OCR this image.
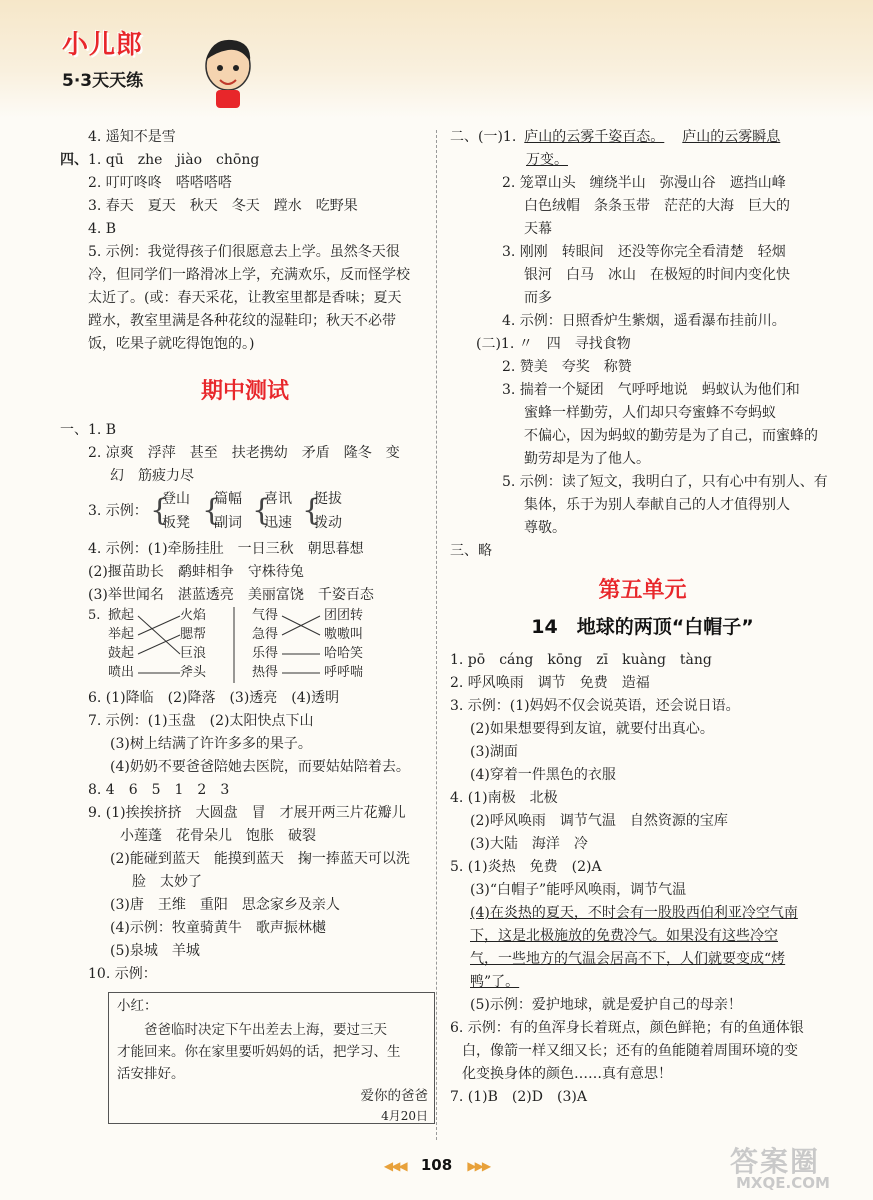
小儿郎
5·3天天练
4. 遥知不是雪
四、1. qū　zhe　jiào　chōng
2. 叮叮咚咚　嗒嗒嗒嗒
3. 春天　夏天　秋天　冬天　蹚水　吃野果
4. B
5. 示例：我觉得孩子们很愿意去上学。虽然冬天很
冷，但同学们一路滑冰上学，充满欢乐，反而怪学校
太近了。(或：春天采花，让教室里都是香味；夏天
蹚水，教室里满是各种花纹的湿鞋印；秋天不必带
饭，吃果子就吃得饱饱的。)
期中测试
一、1. B
2. 凉爽　浮萍　甚至　扶老携幼　矛盾　隆冬　变
幻　筋疲力尽
3. 示例： {
登山
板凳 {
篇幅
副词 {
喜讯
迅速 {
挺拔
拨动
4. 示例：(1)牵肠挂肚　一日三秋　朝思暮想
(2)揠苗助长　鹬蚌相争　守株待兔
(3)举世闻名　湛蓝透亮　美丽富饶　千姿百态
5. 掀起
举起
鼓起
喷出
火焰
腮帮
巨浪
斧头
气得
急得
乐得
热得
团团转
嗷嗷叫
哈哈笑
呼呼喘
6. (1)降临　(2)降落　(3)透亮　(4)透明
7. 示例：(1)玉盘　(2)太阳快点下山
(3)树上结满了许许多多的果子。
(4)奶奶不要爸爸陪她去医院，而要姑姑陪着去。
8. 4　6　5　1　2　3
9. (1)挨挨挤挤　大圆盘　冒　才展开两三片花瓣儿
小莲蓬　花骨朵儿　饱胀　破裂
(2)能碰到蓝天　能摸到蓝天　掬一捧蓝天可以洗
脸　太妙了
(3)唐　王维　重阳　思念家乡及亲人
(4)示例：牧童骑黄牛　歌声振林樾
(5)泉城　羊城
10. 示例：
小红：
　　爸爸临时决定下午出差去上海，要过三天
才能回来。你在家里要听妈妈的话，把学习、生
活安排好。
爱你的爸爸
4月20日
二、(一)1. 庐山的云雾千姿百态。 庐山的云雾瞬息
万变。
2. 笼罩山头　缠绕半山　弥漫山谷　遮挡山峰
白色绒帽　条条玉带　茫茫的大海　巨大的
天幕
3. 刚刚　转眼间　还没等你完全看清楚　轻烟
银河　白马　冰山　在极短的时间内变化快
而多
4. 示例：日照香炉生紫烟，遥看瀑布挂前川。
(二)1. 〃　四　寻找食物
2. 赞美　夸奖　称赞
3. 揣着一个疑团　气呼呼地说　蚂蚁认为他们和
蜜蜂一样勤劳，人们却只夸蜜蜂不夸蚂蚁
不偏心，因为蚂蚁的勤劳是为了自己，而蜜蜂的
勤劳却是为了他人。
5. 示例：读了短文，我明白了，只有心中有别人、有
集体，乐于为别人奉献自己的人才值得别人
尊敬。
三、略
第五单元
14　地球的两顶“白帽子”
1. pō　cáng　kōng　zī　kuàng　tàng
2. 呼风唤雨　调节　免费　造福
3. 示例：(1)妈妈不仅会说英语，还会说日语。
(2)如果想要得到友谊，就要付出真心。
(3)湖面
(4)穿着一件黑色的衣服
4. (1)南极　北极
(2)呼风唤雨　调节气温　自然资源的宝库
(3)大陆　海洋　冷
5. (1)炎热　免费　(2)A
(3)“白帽子”能呼风唤雨，调节气温
(4)在炎热的夏天，不时会有一股股西伯利亚冷空气南
下，这是北极施放的免费冷气。如果没有这些冷空
气，一些地方的气温会居高不下，人们就要变成“烤
鸭”了。
(5)示例：爱护地球，就是爱护自己的母亲！
6. 示例：有的鱼浑身长着斑点，颜色鲜艳；有的鱼通体银
白，像箭一样又细又长；还有的鱼能随着周围环境的变
化变换身体的颜色……真有意思！
7. (1)B　(2)D　(3)A
◀◀◀ 108 ▶▶▶	答案圈
MXQE.COM
